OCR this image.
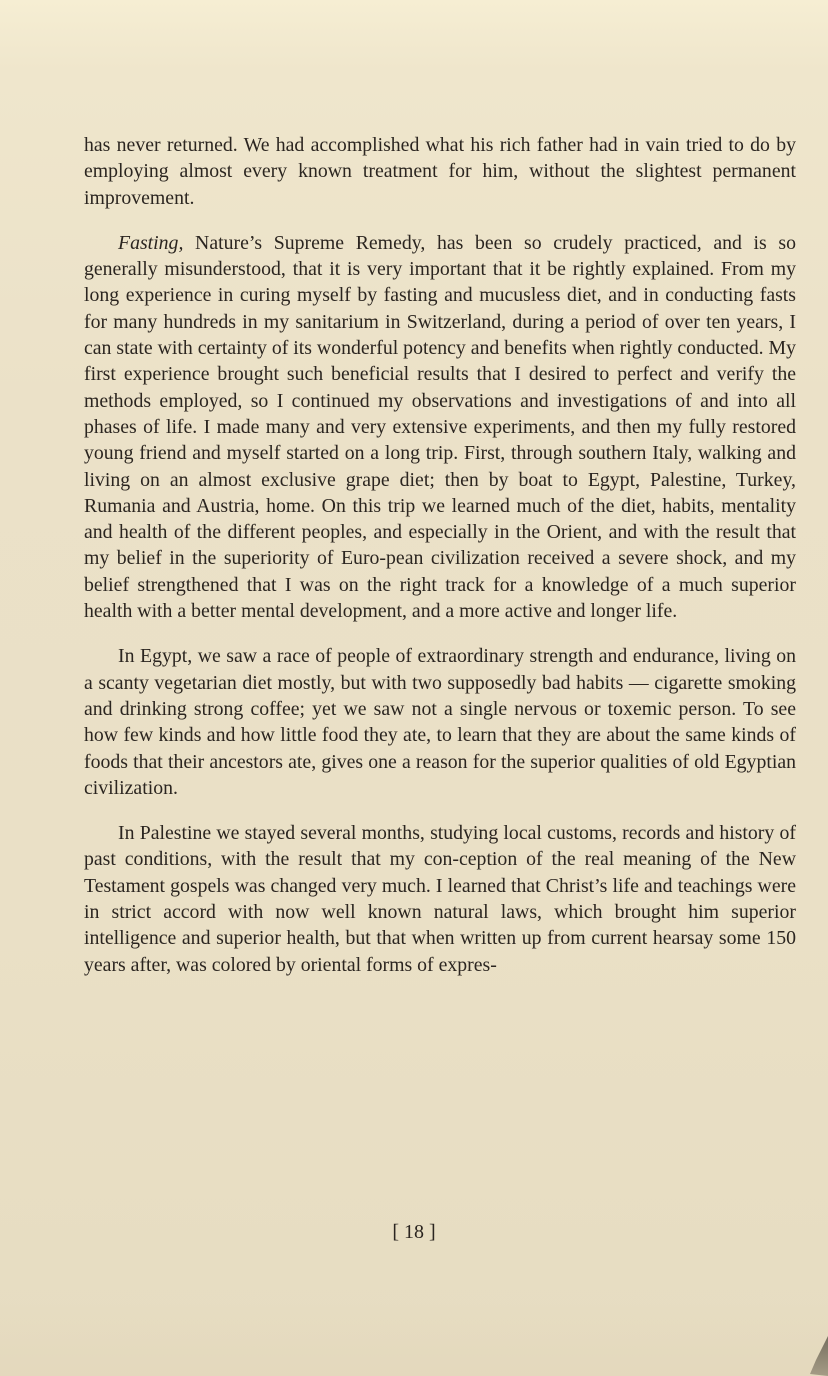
has never returned. We had accomplished what his rich father had in vain tried to do by employing almost every known treatment for him, without the slightest permanent improvement.

Fasting, Nature’s Supreme Remedy, has been so crudely practiced, and is so generally misunderstood, that it is very important that it be rightly explained. From my long experience in curing myself by fasting and mucusless diet, and in conducting fasts for many hundreds in my sanitarium in Switzerland, during a period of over ten years, I can state with certainty of its wonderful potency and benefits when rightly conducted. My first experience brought such beneficial results that I desired to perfect and verify the methods employed, so I continued my observations and investigations of and into all phases of life. I made many and very extensive experiments, and then my fully restored young friend and myself started on a long trip. First, through southern Italy, walking and living on an almost exclusive grape diet; then by boat to Egypt, Palestine, Turkey, Rumania and Austria, home. On this trip we learned much of the diet, habits, mentality and health of the different peoples, and especially in the Orient, and with the result that my belief in the superiority of Euro-pean civilization received a severe shock, and my belief strengthened that I was on the right track for a knowledge of a much superior health with a better mental development, and a more active and longer life.

In Egypt, we saw a race of people of extraordinary strength and endurance, living on a scanty vegetarian diet mostly, but with two supposedly bad habits — cigarette smoking and drinking strong coffee; yet we saw not a single nervous or toxemic person. To see how few kinds and how little food they ate, to learn that they are about the same kinds of foods that their ancestors ate, gives one a reason for the superior qualities of old Egyptian civilization.

In Palestine we stayed several months, studying local customs, records and history of past conditions, with the result that my con-ception of the real meaning of the New Testament gospels was changed very much. I learned that Christ’s life and teachings were in strict accord with now well known natural laws, which brought him superior intelligence and superior health, but that when written up from current hearsay some 150 years after, was colored by oriental forms of expres-

[ 18 ]
